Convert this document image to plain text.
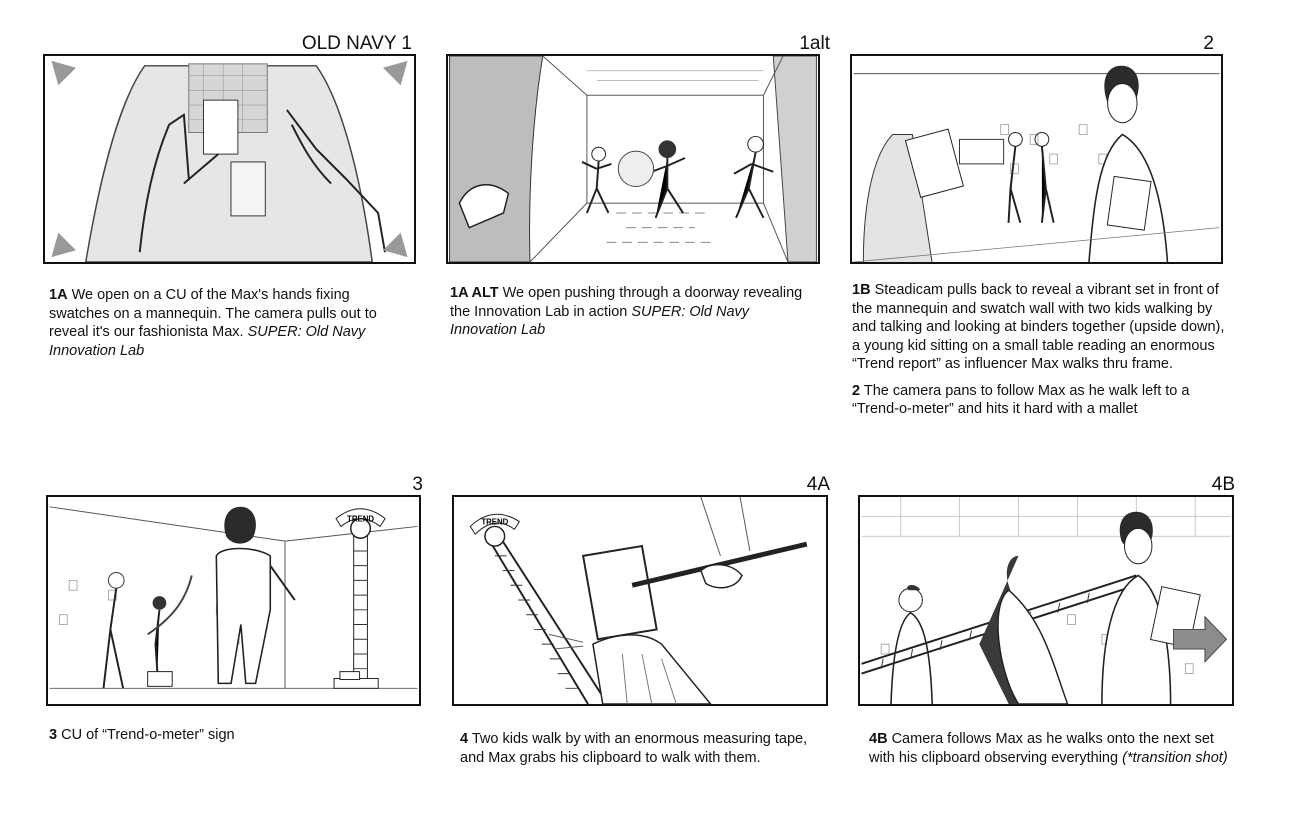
OLD NAVY 1

1A We open on a CU of the Max's hands fixing swatches on a mannequin. The camera pulls out to reveal it's our fashionista Max. SUPER: Old Navy Innovation Lab

1alt

1A ALT We open pushing through a doorway revealing the Innovation Lab in action SUPER: Old Navy Innovation Lab

2

1B Steadicam pulls back to reveal a vibrant set in front of the mannequin and swatch wall with two kids walking by and talking and looking at binders together (upside down), a young kid sitting on a small table reading an enormous “Trend report” as influencer Max walks thru frame.

2 The camera pans to follow Max as he walk left to a “Trend-o-meter” and hits it hard with a mallet

3
TREND

3 CU of “Trend-o-meter” sign

4A
TREND

4 Two kids walk by with an enormous measuring tape, and Max grabs his clipboard to walk with them.

4B

4B Camera follows Max as he walks onto the next set with his clipboard observing everything (*transition shot)
